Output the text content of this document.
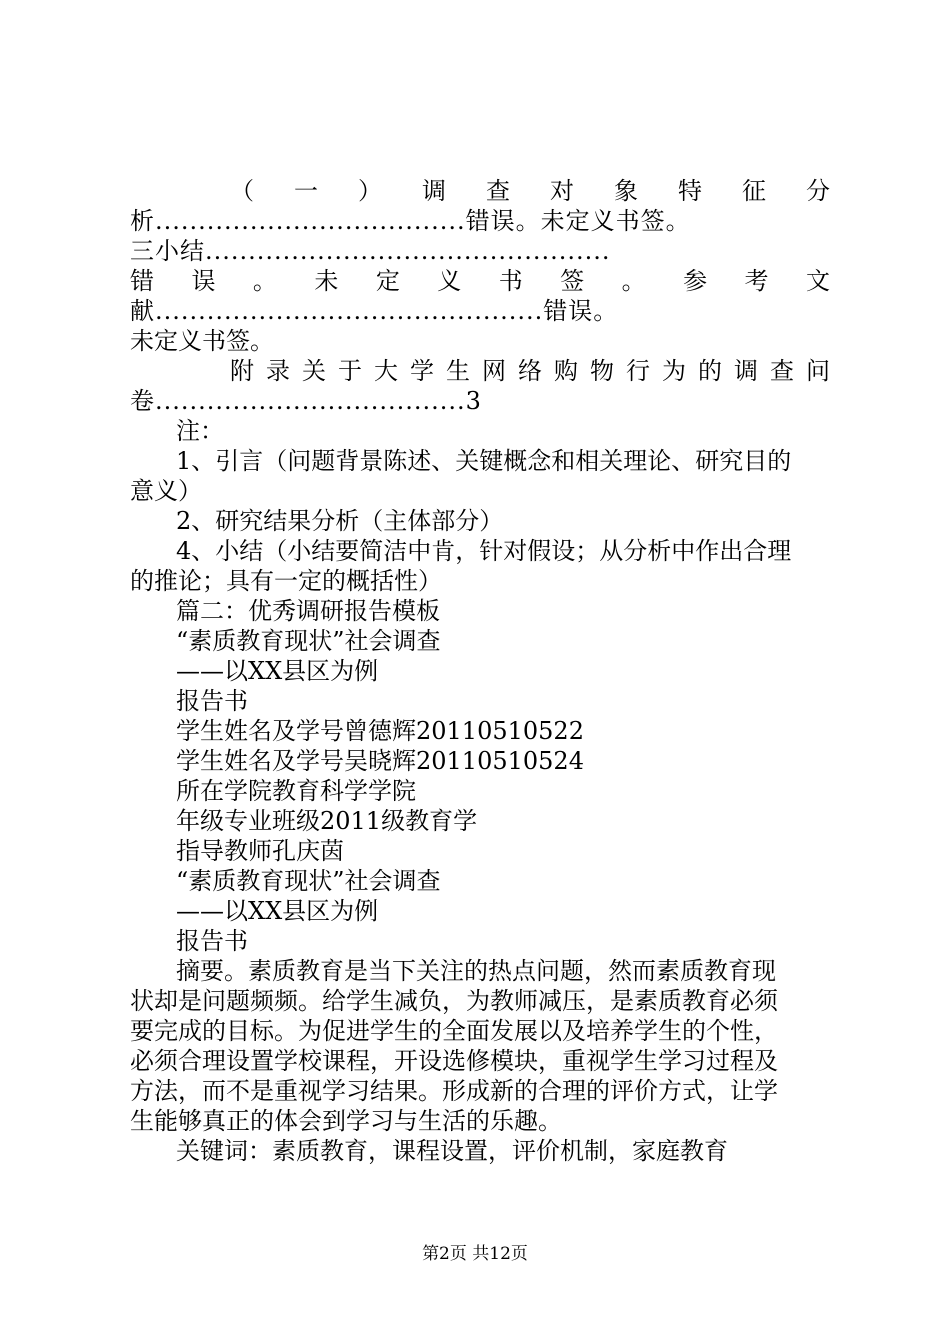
（ 一 ） 调 查 对 象 特 征 分
析....................................错误。未定义书签。
三小结...............................................
错 误 。 未 定 义 书 签 。 参 考 文
献.............................................错误。
未定义书签。
附 录 关 于 大 学 生 网 络 购 物 行 为 的 调 查 问
卷....................................3
注：
1、引言（问题背景陈述、关键概念和相关理论、研究目的
意义）
2、研究结果分析（主体部分）
4、小结（小结要简洁中肯，针对假设；从分析中作出合理
的推论；具有一定的概括性）
篇二：优秀调研报告模板
“素质教育现状”社会调查
——以XX县区为例
报告书
学生姓名及学号曾德辉20110510522
学生姓名及学号吴晓辉20110510524
所在学院教育科学学院
年级专业班级2011级教育学
指导教师孔庆茵
“素质教育现状”社会调查
——以XX县区为例
报告书
摘要。素质教育是当下关注的热点问题，然而素质教育现
状却是问题频频。给学生减负，为教师减压，是素质教育必须
要完成的目标。为促进学生的全面发展以及培养学生的个性，
必须合理设置学校课程，开设选修模块，重视学生学习过程及
方法，而不是重视学习结果。形成新的合理的评价方式，让学
生能够真正的体会到学习与生活的乐趣。
关键词：素质教育，课程设置，评价机制，家庭教育
第2页 共12页
